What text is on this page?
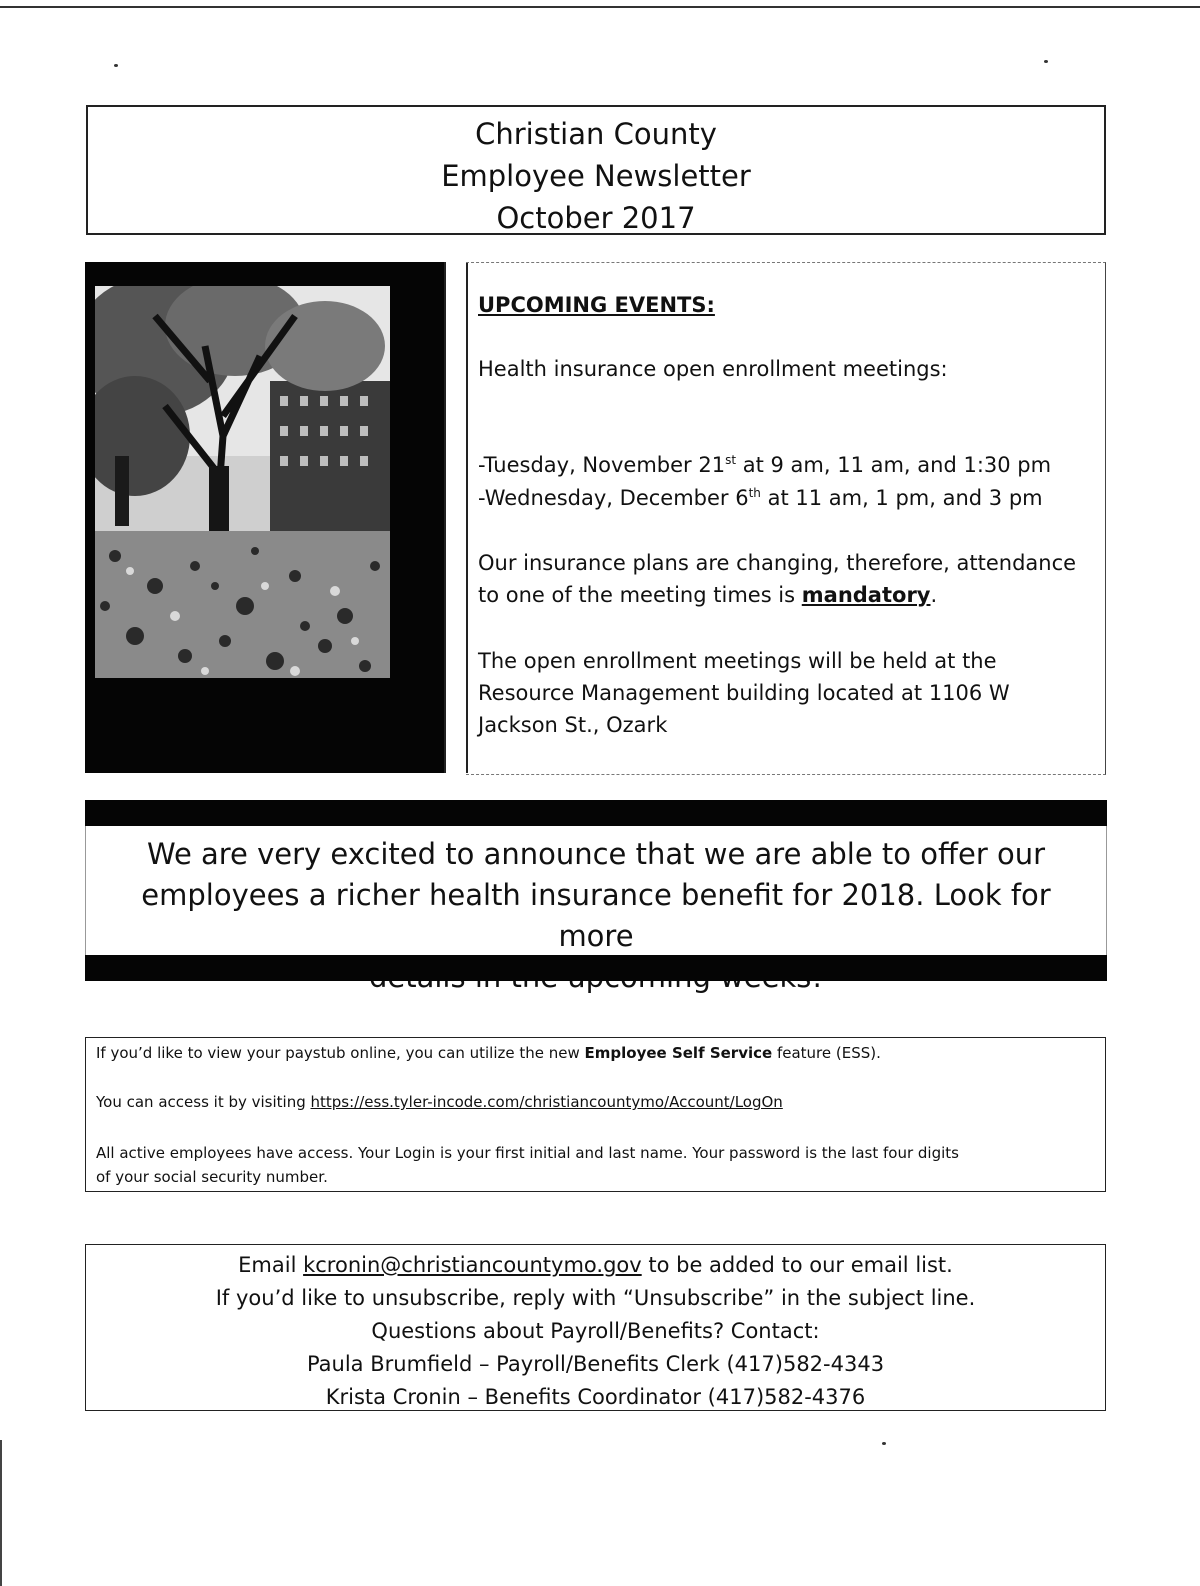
Christian County
Employee Newsletter
October 2017
UPCOMING EVENTS:
Health insurance open enrollment meetings:
-Tuesday, November 21st at 9 am, 11 am, and 1:30 pm
-Wednesday, December 6th at 11 am, 1 pm, and 3 pm
Our insurance plans are changing, therefore, attendance
to one of the meeting times is mandatory.
The open enrollment meetings will be held at the
Resource Management building located at 1106 W
Jackson St., Ozark
We are very excited to announce that we are able to offer our
employees a richer health insurance benefit for 2018. Look for more
If you’d like to view your paystub online, you can utilize the new Employee Self Service feature (ESS).
You can access it by visiting https://ess.tyler-incode.com/christiancountymo/Account/LogOn
All active employees have access. Your Login is your first initial and last name. Your password is the last four digits
of your social security number.
Email kcronin@christiancountymo.gov to be added to our email list.
If you’d like to unsubscribe, reply with “Unsubscribe” in the subject line.
Questions about Payroll/Benefits? Contact:
Paula Brumfield – Payroll/Benefits Clerk (417)582-4343
Krista Cronin – Benefits Coordinator (417)582-4376
